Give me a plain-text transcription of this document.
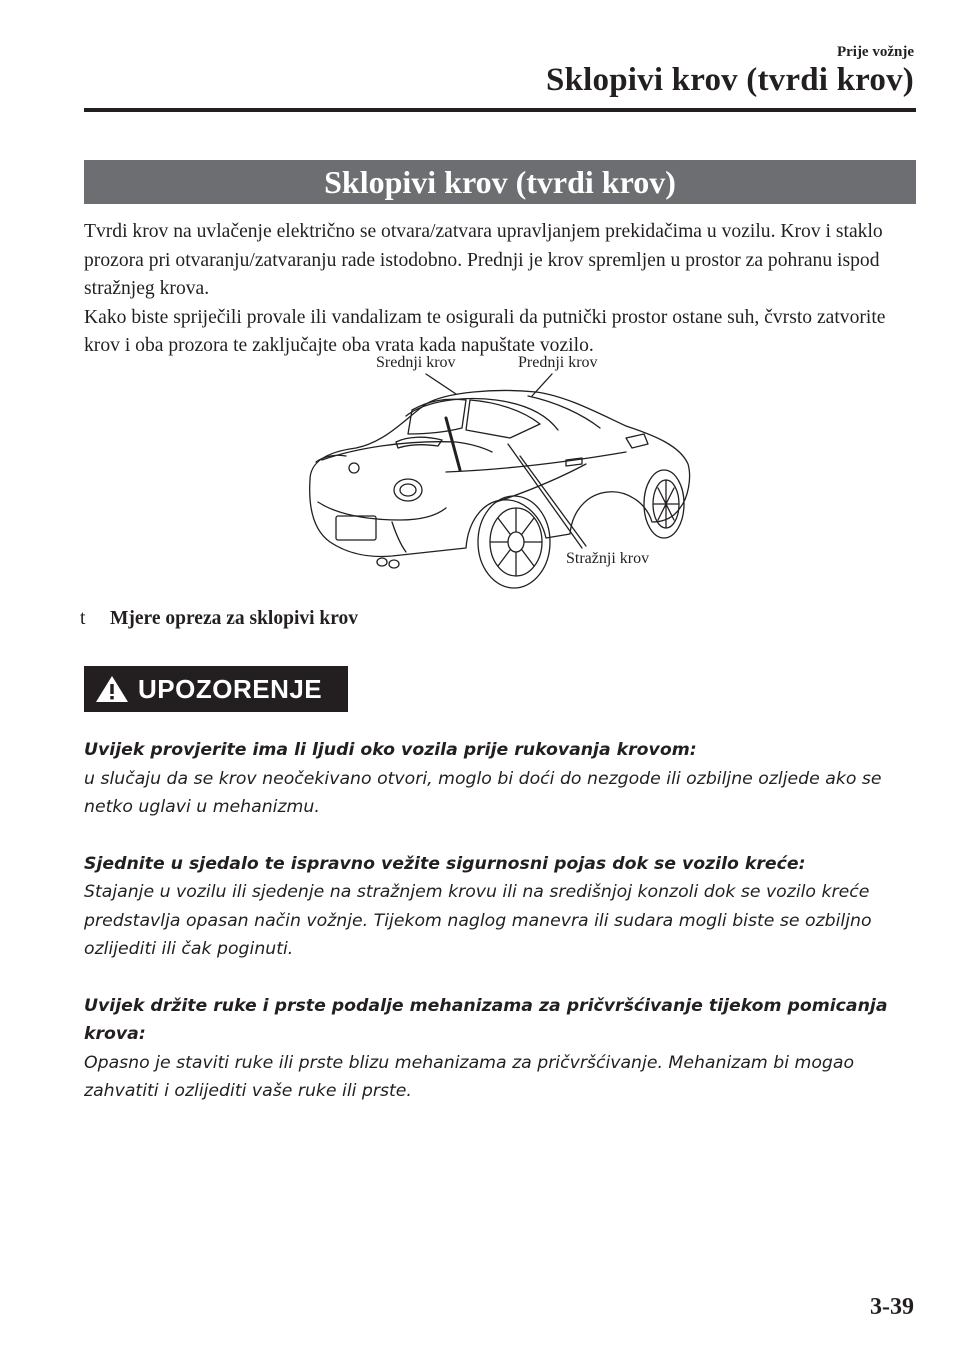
Prije vožnje
Sklopivi krov (tvrdi krov)
Sklopivi krov (tvrdi krov)

Tvrdi krov na uvlačenje električno se otvara/zatvara upravljanjem prekidačima u vozilu. Krov i staklo prozora pri otvaranju/zatvaranju rade istodobno. Prednji je krov spremljen u prostor za pohranu ispod stražnjeg krova.

Kako biste spriječili provale ili vandalizam te osigurali da putnički prostor ostane suh, čvrsto zatvorite krov i oba prozora te zaključajte oba vrata kada napuštate vozilo.

Srednji krov	Prednji krov
Stražnji krov
t Mjere opreza za sklopivi krov
UPOZORENJE
Uvijek provjerite ima li ljudi oko vozila prije rukovanja krovom:
u slučaju da se krov neočekivano otvori, moglo bi doći do nezgode ili ozbiljne ozljede ako se netko uglavi u mehanizmu.
Sjednite u sjedalo te ispravno vežite sigurnosni pojas dok se vozilo kreće:
Stajanje u vozilu ili sjedenje na stražnjem krovu ili na središnjoj konzoli dok se vozilo kreće predstavlja opasan način vožnje. Tijekom naglog manevra ili sudara mogli biste se ozbiljno ozlijediti ili čak poginuti.
Uvijek držite ruke i prste podalje mehanizama za pričvršćivanje tijekom pomicanja krova:
Opasno je staviti ruke ili prste blizu mehanizama za pričvršćivanje. Mehanizam bi mogao zahvatiti i ozlijediti vaše ruke ili prste.
3-39
